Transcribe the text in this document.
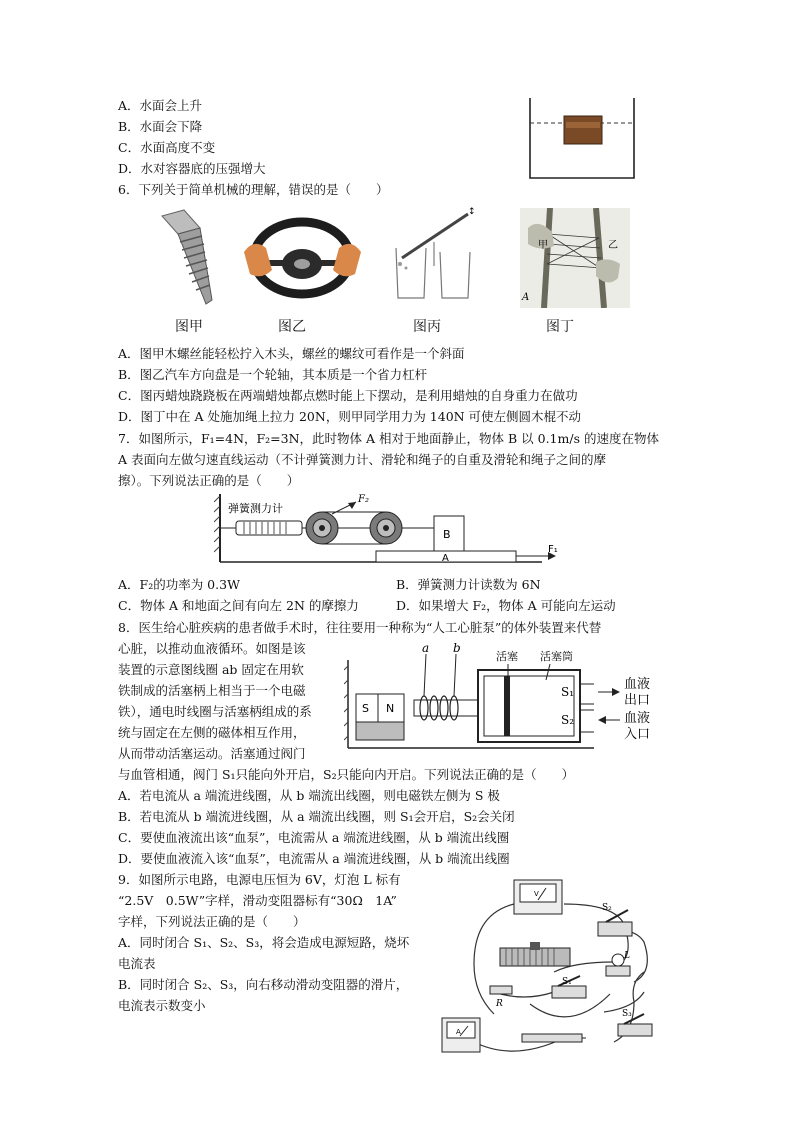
A．水面会上升
B．水面会下降
C．水面高度不变
D．水对容器底的压强增大
6．下列关于简单机械的理解，错误的是（　　）
图甲	图乙
↕
图丙
甲	乙
A
图丁
A．图甲木螺丝能轻松拧入木头，螺丝的螺纹可看作是一个斜面
B．图乙汽车方向盘是一个轮轴，其本质是一个省力杠杆
C．图丙蜡烛跷跷板在两端蜡烛都点燃时能上下摆动，是利用蜡烛的自身重力在做功
D．图丁中在 A 处施加绳上拉力 20N，则甲同学用力为 140N 可使左侧圆木棍不动
7．如图所示，F₁=4N，F₂=3N，此时物体 A 相对于地面静止，物体 B 以 0.1m/s 的速度在物体
A 表面向左做匀速直线运动（不计弹簧测力计、滑轮和绳子的自重及滑轮和绳子之间的摩
擦）。下列说法正确的是（　　）
弹簧测力计
F₂
B
A
F₁
A．F₂的功率为 0.3W	B．弹簧测力计读数为 6N
C．物体 A 和地面之间有向左 2N 的摩擦力	D．如果增大 F₂，物体 A 可能向左运动
8．医生给心脏疾病的患者做手术时，往往要用一种称为“人工心脏泵”的体外装置来代替
心脏，以推动血液循环。如图是该
装置的示意图线圈 ab 固定在用软
铁制成的活塞柄上相当于一个电磁
铁），通电时线圈与活塞柄组成的系
统与固定在左侧的磁体相互作用，
从而带动活塞运动。活塞通过阀门
S N
a b
活塞 活塞筒
S₁
S₂
血液
出口
血液
入口
与血管相通，阀门 S₁只能向外开启，S₂只能向内开启。下列说法正确的是（　　）
A．若电流从 a 端流进线圈，从 b 端流出线圈，则电磁铁左侧为 S 极
B．若电流从 b 端流进线圈，从 a 端流出线圈，则 S₁会开启，S₂会关闭
C．要使血液流出该“血泵”，电流需从 a 端流进线圈，从 b 端流出线圈
D．要使血液流入该“血泵”，电流需从 a 端流进线圈，从 b 端流出线圈
9．如图所示电路，电源电压恒为 6V，灯泡 L 标有
“2.5V　0.5W”字样，滑动变阻器标有“30Ω　1A”
字样，下列说法正确的是（　　）
A．同时闭合 S₁、S₂、S₃，将会造成电源短路，烧坏
电流表
B．同时闭合 S₂、S₃，向右移动滑动变阻器的滑片，
电流表示数变小
V
S₂
L
R
S₁
S₃
A
